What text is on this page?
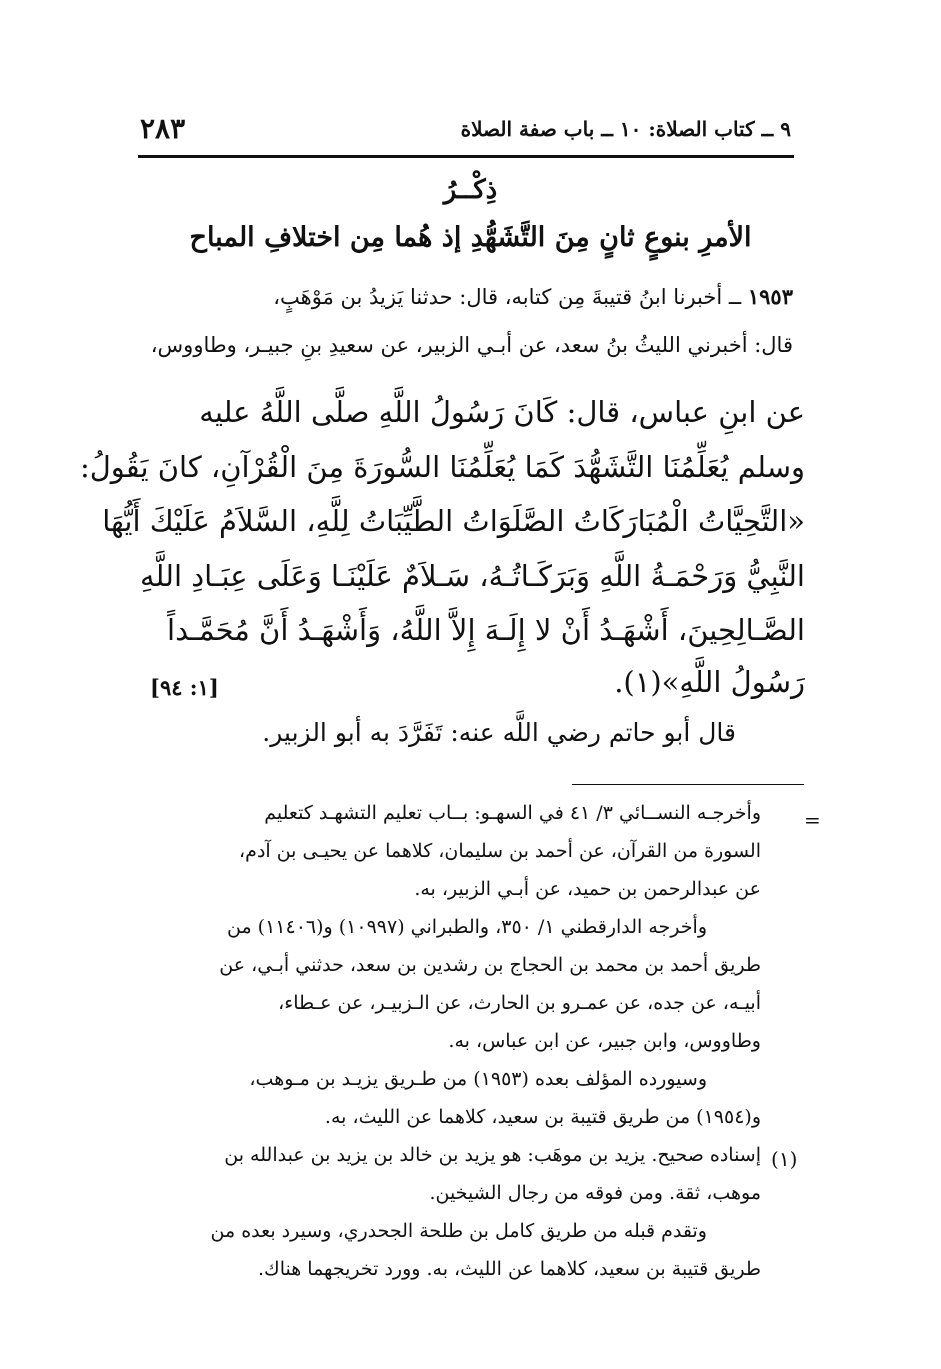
٢٨٣	٩ ــ كتاب الصلاة: ١٠ ــ باب صفة الصلاة
ذِكْــرُ
الأمرِ بنوعٍ ثانٍ مِنَ التَّشَهُّدِ إذ هُما مِن اختلافِ المباح
١٩٥٣ ــ أخبرنا ابنُ قتيبةَ مِن كتابه، قال: حدثنا يَزيدُ بن مَوْهَبٍ،
قال: أخبرني الليثُ بنُ سعد، عن أبـي الزبير، عن سعيدِ بنِ جبيـر، وطاووس،
عن ابنِ عباس، قال: كَانَ رَسُولُ اللَّهِ صلَّى اللَّهُ عليه
وسلم يُعَلِّمُنَا التَّشَهُّدَ كَمَا يُعَلِّمُنَا السُّورَةَ مِنَ الْقُرْآنِ، كانَ يَقُولُ:
«التَّحِيَّاتُ الْمُبَارَكَاتُ الصَّلَوَاتُ الطَّيِّبَاتُ لِلَّهِ، السَّلاَمُ عَلَيْكَ أَيُّهَا
النَّبِيُّ وَرَحْمَـةُ اللَّهِ وَبَرَكَـاتُـهُ، سَـلاَمٌ عَلَيْنَـا وَعَلَى عِبَـادِ اللَّهِ
الصَّـالِحِينَ، أَشْهَـدُ أَنْ لا إِلَـهَ إِلاَّ اللَّهُ، وَأَشْهَـدُ أَنَّ مُحَمَّـداً
رَسُولُ اللَّهِ»(١).
[١: ٩٤]
قال أبو حاتم رضي اللَّه عنه: تَفَرَّدَ به أبو الزبير.
=
وأخرجـه النســائي ٣/ ٤١ في السهـو: بــاب تعليم التشهـد كتعليم
السورة من القرآن، عن أحمد بن سليمان، كلاهما عن يحيـى بن آدم،
عن عبدالرحمن بن حميد، عن أبـي الزبير، به.
وأخرجه الدارقطني ١/ ٣٥٠، والطبراني (١٠٩٩٧) و(١١٤٠٦) من
طريق أحمد بن محمد بن الحجاج بن رشدين بن سعد، حدثني أبـي، عن
أبيـه، عن جده، عن عمـرو بن الحارث، عن الـزبيـر، عن عـطاء،
وطاووس، وابن جبير، عن ابن عباس، به.
وسيورده المؤلف بعده (١٩٥٣) من طـريق يزيـد بن مـوهب،
و(١٩٥٤) من طريق قتيبة بن سعيد، كلاهما عن الليث، به.
(١)
إسناده صحيح. يزيد بن موهَب: هو يزيد بن خالد بن يزيد بن عبدالله بن
موهب، ثقة. ومن فوقه من رجال الشيخين.
وتقدم قبله من طريق كامل بن طلحة الجحدري، وسيرد بعده من
طريق قتيبة بن سعيد، كلاهما عن الليث، به. وورد تخريجهما هناك.
